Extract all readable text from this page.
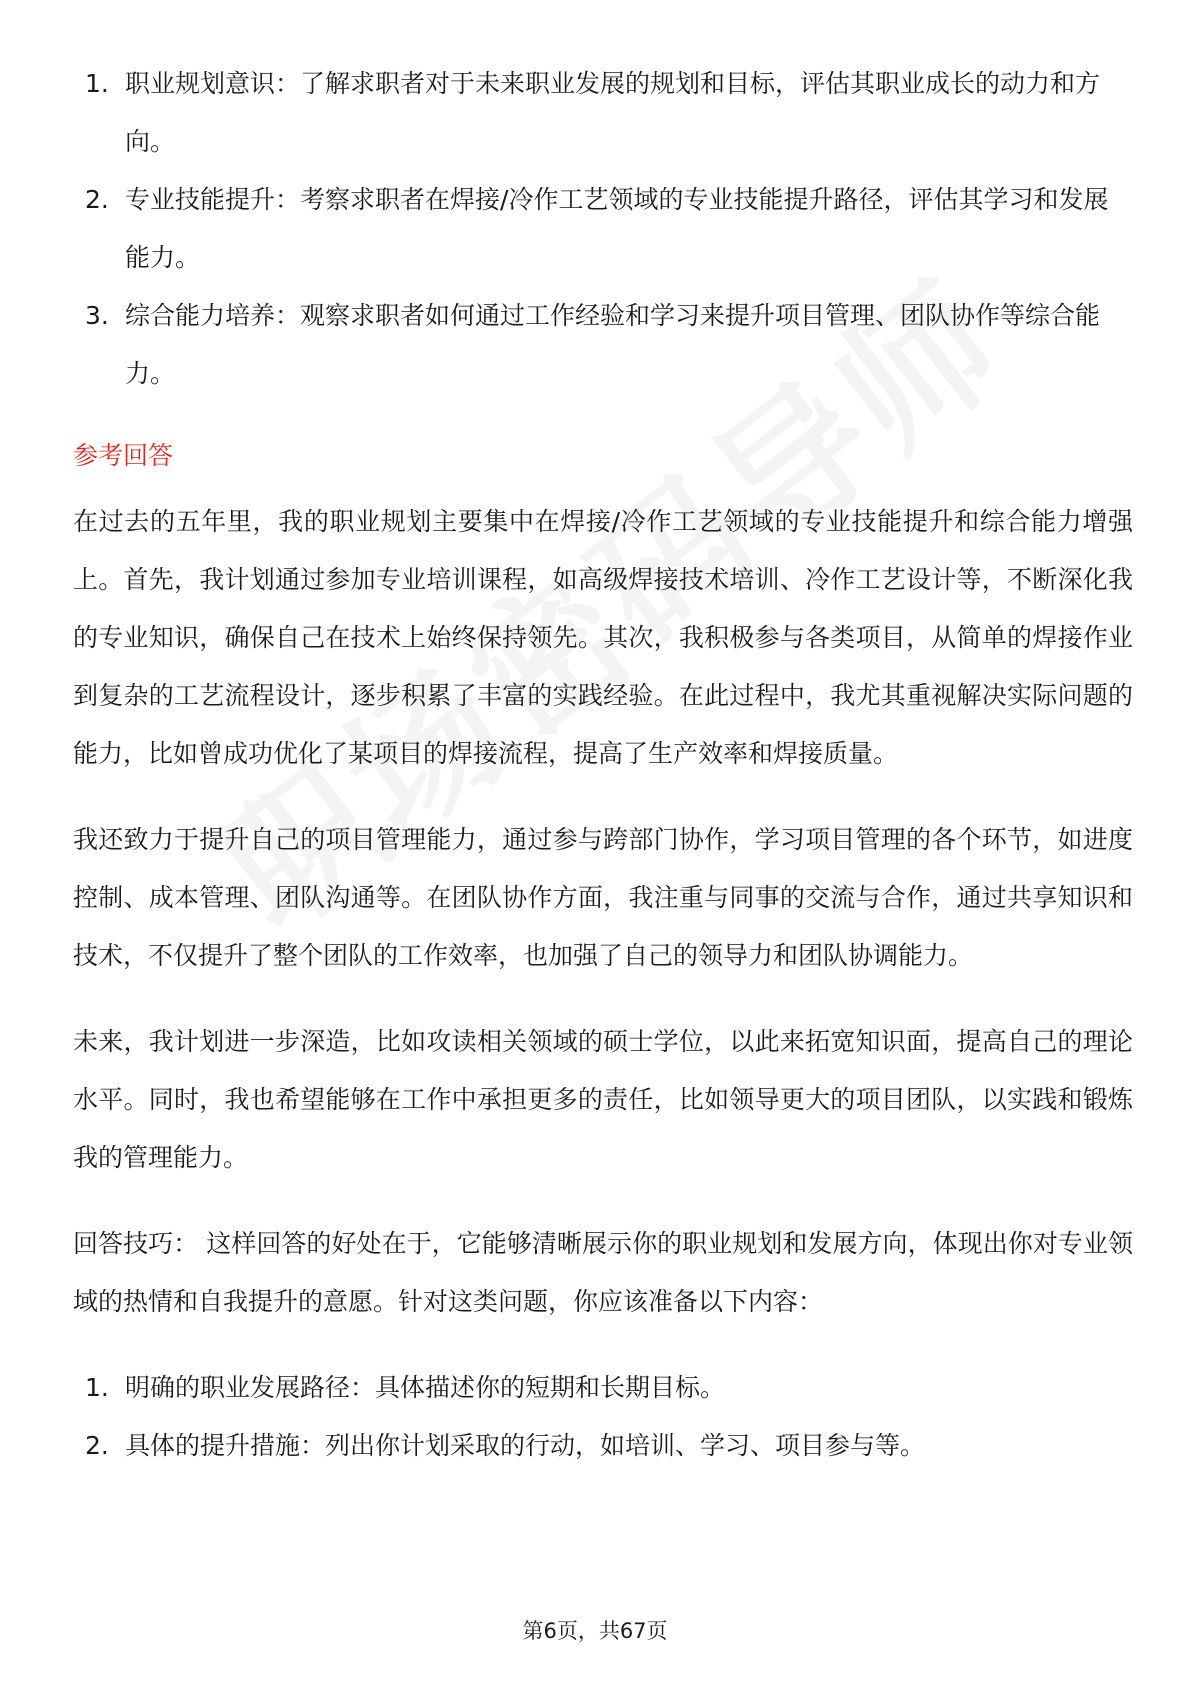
1. 职业规划意识：了解求职者对于未来职业发展的规划和目标，评估其职业成长的动力和方向。
2. 专业技能提升：考察求职者在焊接/冷作工艺领域的专业技能提升路径，评估其学习和发展能力。
3. 综合能力培养：观察求职者如何通过工作经验和学习来提升项目管理、团队协作等综合能力。
参考回答

在过去的五年里，我的职业规划主要集中在焊接/冷作工艺领域的专业技能提升和综合能力增强上。首先，我计划通过参加专业培训课程，如高级焊接技术培训、冷作工艺设计等，不断深化我的专业知识，确保自己在技术上始终保持领先。其次，我积极参与各类项目，从简单的焊接作业到复杂的工艺流程设计，逐步积累了丰富的实践经验。在此过程中，我尤其重视解决实际问题的能力，比如曾成功优化了某项目的焊接流程，提高了生产效率和焊接质量。

我还致力于提升自己的项目管理能力，通过参与跨部门协作，学习项目管理的各个环节，如进度控制、成本管理、团队沟通等。在团队协作方面，我注重与同事的交流与合作，通过共享知识和技术，不仅提升了整个团队的工作效率，也加强了自己的领导力和团队协调能力。

未来，我计划进一步深造，比如攻读相关领域的硕士学位，以此来拓宽知识面，提高自己的理论水平。同时，我也希望能够在工作中承担更多的责任，比如领导更大的项目团队，以实践和锻炼我的管理能力。

回答技巧： 这样回答的好处在于，它能够清晰展示你的职业规划和发展方向，体现出你对专业领域的热情和自我提升的意愿。针对这类问题，你应该准备以下内容：

1. 明确的职业发展路径：具体描述你的短期和长期目标。
2. 具体的提升措施：列出你计划采取的行动，如培训、学习、项目参与等。
第6页，共67页
